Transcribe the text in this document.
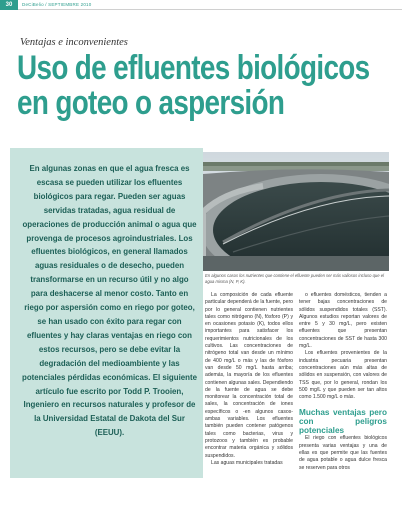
30	DeCiBelio / SEPTIEMBRE 2010
Ventajas e inconvenientes
Uso de efluentes biológicos
en goteo o aspersión
En algunas zonas en que el agua fresca es escasa se pueden utilizar los efluentes biológicos para regar. Pueden ser aguas servidas tratadas, agua residual de operaciones de producción animal o agua que provenga de procesos agroindustriales. Los efluentes biológicos, en general llamados aguas residuales o de desecho, pueden transformarse en un recurso útil y no algo para deshacerse al menor costo. Tanto en riego por aspersión como en riego por goteo, se han usado con éxito para regar con efluentes y hay claras ventajas en riego con estos recursos, pero se debe evitar la degradación del medioambiente y las potenciales pérdidas económicas. El siguiente artículo fue escrito por Todd P. Trooien, Ingeniero en recursos naturales y profesor de la Universidad Estatal de Dakota del Sur (EEUU).
En algunos casos los nutrientes que contiene el efluente pueden ser más valiosos incluso que el agua misma (N, P, K).

La composición de cada efluente particular dependerá de la fuente, pero por lo general contienen nutrientes tales como nitrógeno (N), fósforo (P) y en ocasiones potasio (K), todos ellos importantes para satisfacer los requerimientos nutricionales de los cultivos. Las concentraciones de nitrógeno total van desde un mínimo de 400 mg/L o más y las de fósforo van desde 50 mg/L hasta arriba; además, la mayoría de los efluentes contienen algunas sales. Dependiendo de la fuente de agua se debe monitorear la concentración total de sales, la concentración de iones específicos o -en algunos casos- ambas variables. Los efluentes también pueden contener patógenos tales como bacterias, virus y protozoos y también es probable encontrar materia orgánica y sólidos suspendidos.

Las aguas municipales tratadas

o efluentes domésticos, tienden a tener bajas concentraciones de sólidos suspendidos totales (SST). Algunos estudios reportan valores de entre 5 y 30 mg/L, pero existen efluentes que presentan concentraciones de SST de hasta 300 mg/L.

Los efluentes provenientes de la industria pecuaria presentan concentraciones aún más altas de sólidos en suspensión, con valores de TSS que, por lo general, rondan los 500 mg/L y que pueden ser tan altos como 1.500 mg/L o más.

Muchas ventajas pero con peligros potenciales

El riego con efluentes biológicos presenta varias ventajas y una de ellas es que permite que las fuentes de agua potable o agua dulce fresca se reserven para otros
